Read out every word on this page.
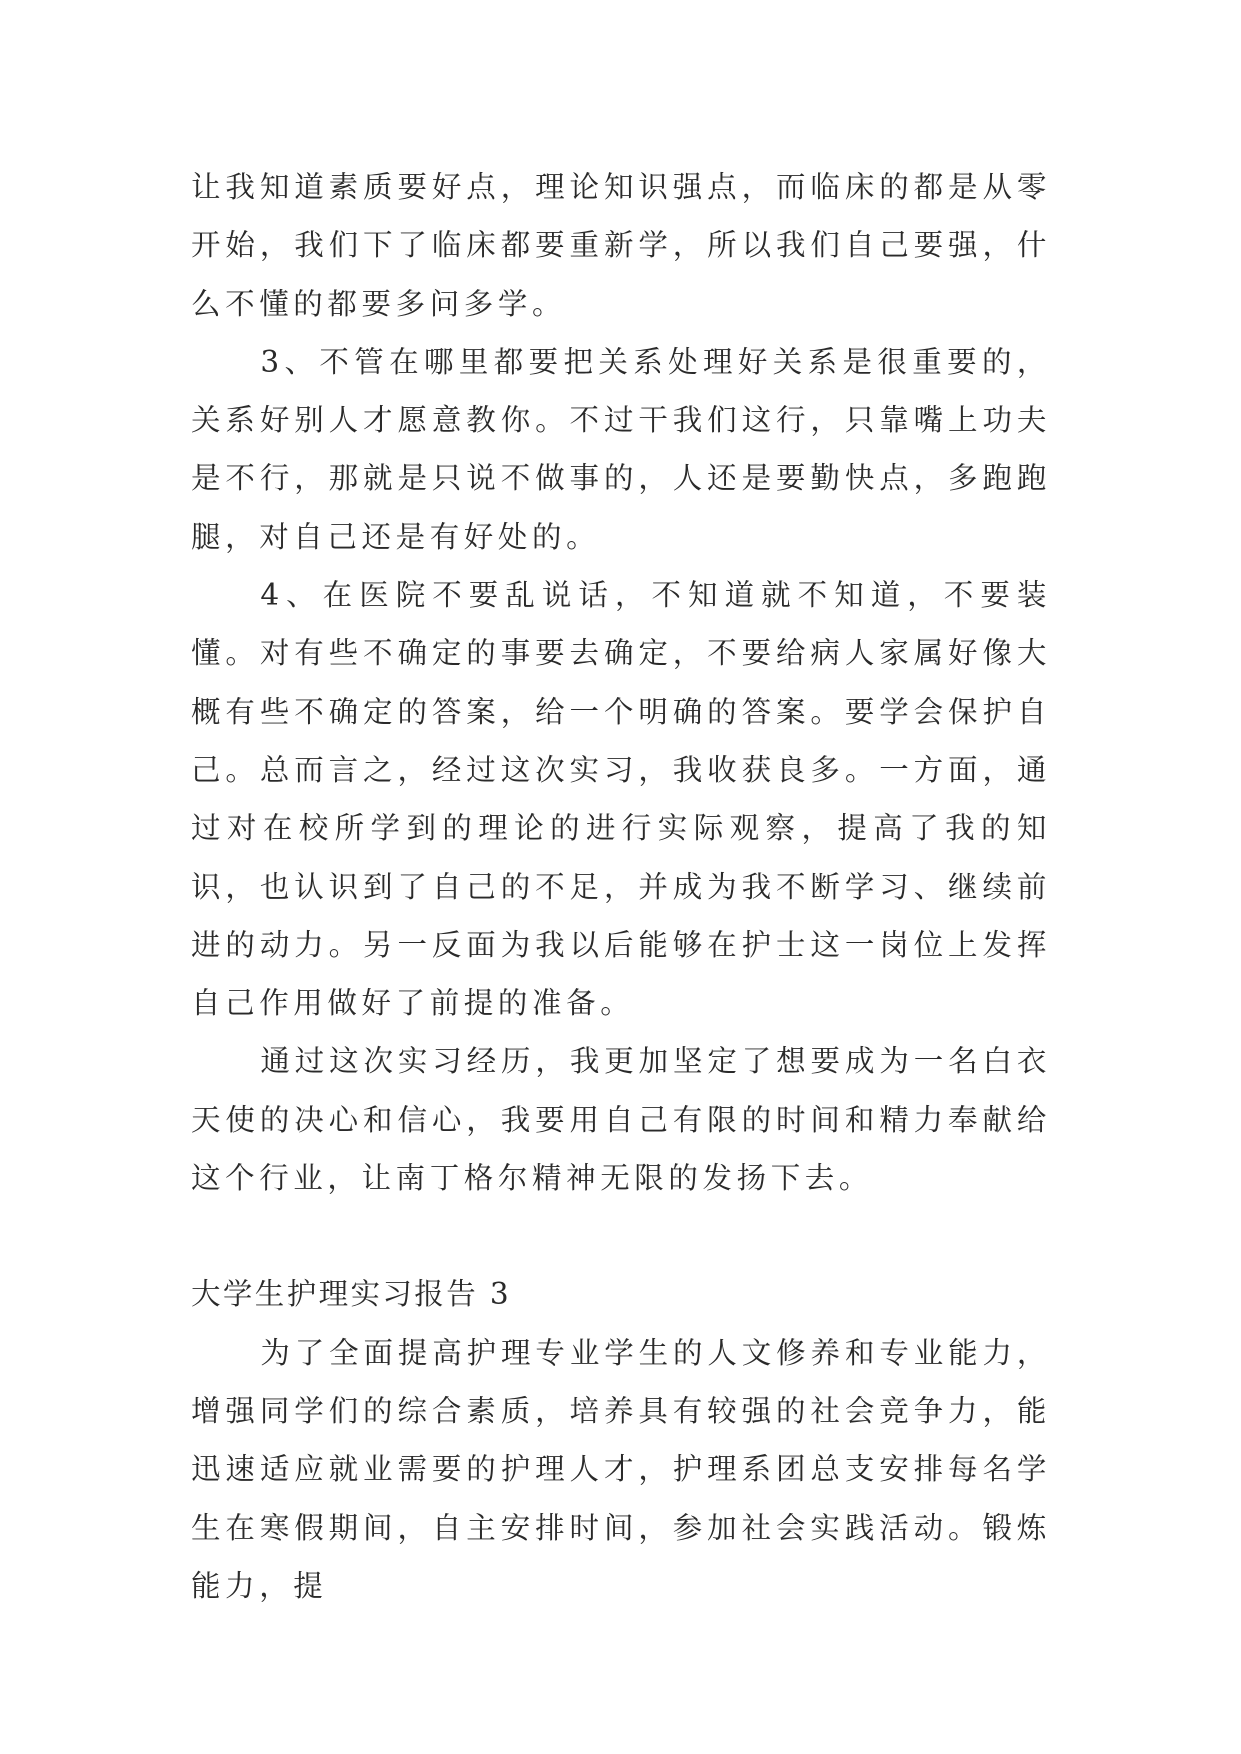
让我知道素质要好点，理论知识强点，而临床的都是从零开始，我们下了临床都要重新学，所以我们自己要强，什么不懂的都要多问多学。

3、不管在哪里都要把关系处理好关系是很重要的，关系好别人才愿意教你。不过干我们这行，只靠嘴上功夫是不行，那就是只说不做事的，人还是要勤快点，多跑跑腿，对自己还是有好处的。

4、在医院不要乱说话，不知道就不知道，不要装懂。对有些不确定的事要去确定，不要给病人家属好像大概有些不确定的答案，给一个明确的答案。要学会保护自己。总而言之，经过这次实习，我收获良多。一方面，通过对在校所学到的理论的进行实际观察，提高了我的知识，也认识到了自己的不足，并成为我不断学习、继续前进的动力。另一反面为我以后能够在护士这一岗位上发挥自己作用做好了前提的准备。

通过这次实习经历，我更加坚定了想要成为一名白衣天使的决心和信心，我要用自己有限的时间和精力奉献给这个行业，让南丁格尔精神无限的发扬下去。

大学生护理实习报告 3

为了全面提高护理专业学生的人文修养和专业能力，增强同学们的综合素质，培养具有较强的社会竞争力，能迅速适应就业需要的护理人才，护理系团总支安排每名学生在寒假期间，自主安排时间，参加社会实践活动。锻炼能力，提
